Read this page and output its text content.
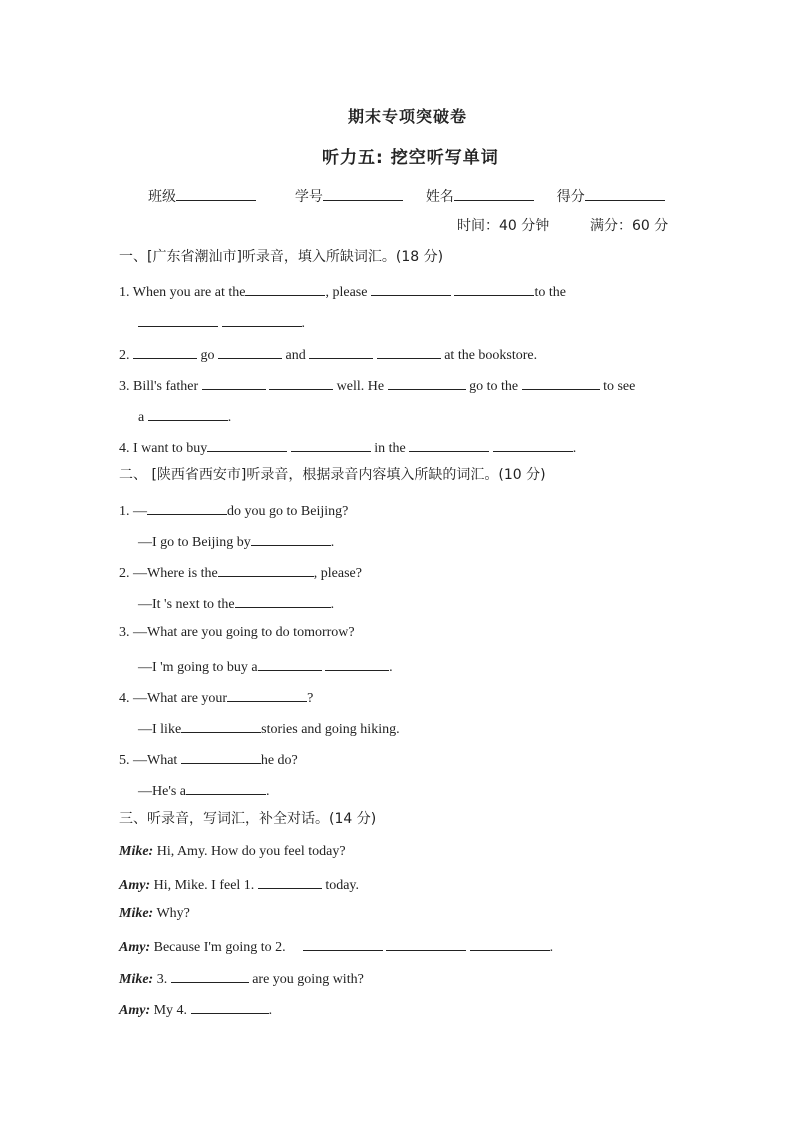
期末专项突破卷
听力五: 挖空听写单词
班级	学号	姓名	得分
时间：40 分钟	满分：60 分
一、[广东省潮汕市]听录音，填入所缺词汇。(18 分)
1. When you are at the	, please	to the
.
2.	go	and	at the bookstore.
3. Bill's father	well. He	go to the	to see
a	.
4. I want to buy	in the	.
二、 [陕西省西安市]听录音，根据录音内容填入所缺的词汇。(10 分)
1. —	do you go to Beijing?
—I go to Beijing by	.
2. —Where is the	, please?
—It 's next to the	.
3. —What are you going to do tomorrow?
—I 'm going to buy a	.
4. —What are your	?
—I like	stories and going hiking.
5. —What	he do?
—He's a	.
三、听录音，写词汇，补全对话。(14 分)
Mike: Hi, Amy. How do you feel today?
Amy: Hi, Mike. I feel 1.	today.
Mike: Why?
Amy: Because I'm going to 2.	.
Mike: 3.	are you going with?
Amy: My 4.	.
